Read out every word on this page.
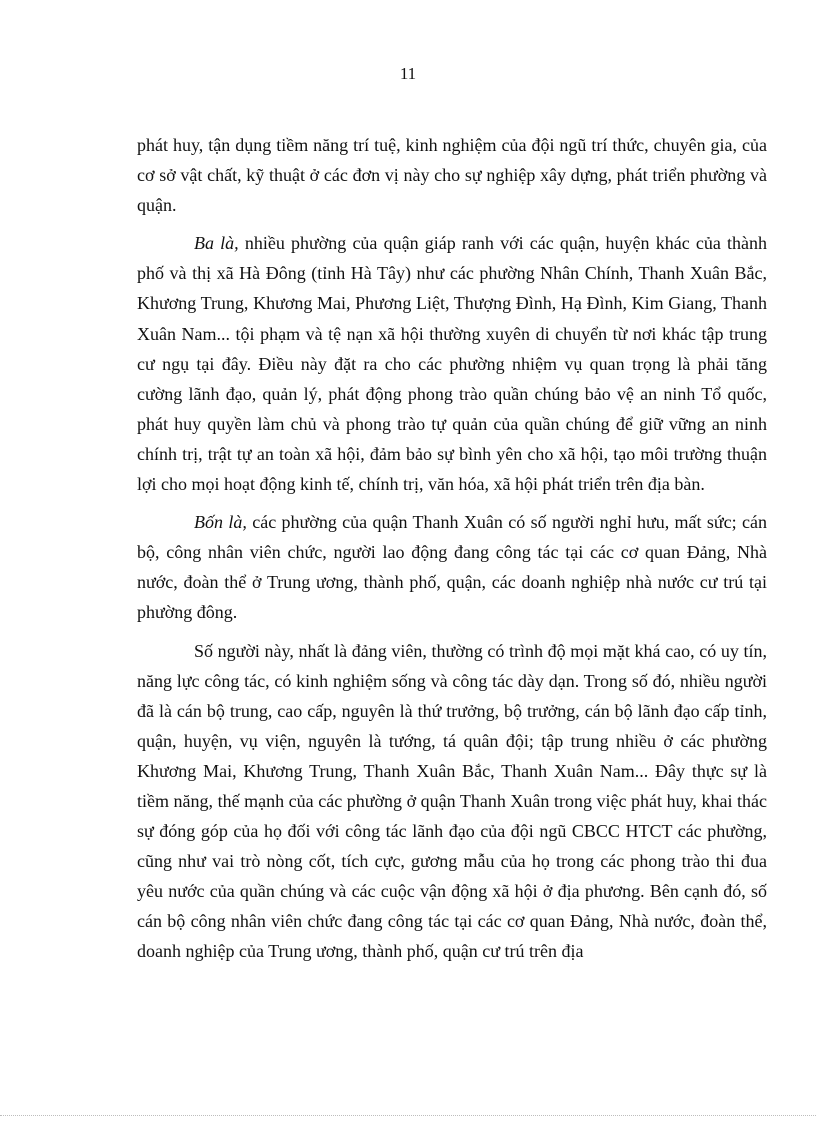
11

phát huy, tận dụng tiềm năng trí tuệ, kinh nghiệm của đội ngũ trí thức, chuyên gia, của cơ sở vật chất, kỹ thuật ở các đơn vị này cho sự nghiệp xây dựng, phát triển phường và quận.

Ba là, nhiều phường của quận giáp ranh với các quận, huyện khác của thành phố và thị xã Hà Đông (tỉnh Hà Tây) như các phường Nhân Chính, Thanh Xuân Bắc, Khương Trung, Khương Mai, Phương Liệt, Thượng Đình, Hạ Đình, Kim Giang, Thanh Xuân Nam... tội phạm và tệ nạn xã hội thường xuyên di chuyển từ nơi khác tập trung cư ngụ tại đây. Điều này đặt ra cho các phường nhiệm vụ quan trọng là phải tăng cường lãnh đạo, quản lý, phát động phong trào quần chúng bảo vệ an ninh Tổ quốc, phát huy quyền làm chủ và phong trào tự quản của quần chúng để giữ vững an ninh chính trị, trật tự an toàn xã hội, đảm bảo sự bình yên cho xã hội, tạo môi trường thuận lợi cho mọi hoạt động kinh tế, chính trị, văn hóa, xã hội phát triển trên địa bàn.

Bốn là, các phường của quận Thanh Xuân có số người nghỉ hưu, mất sức; cán bộ, công nhân viên chức, người lao động đang công tác tại các cơ quan Đảng, Nhà nước, đoàn thể ở Trung ương, thành phố, quận, các doanh nghiệp nhà nước cư trú tại phường đông.

Số người này, nhất là đảng viên, thường có trình độ mọi mặt khá cao, có uy tín, năng lực công tác, có kinh nghiệm sống và công tác dày dạn. Trong số đó, nhiều người đã là cán bộ trung, cao cấp, nguyên là thứ trưởng, bộ trưởng, cán bộ lãnh đạo cấp tỉnh, quận, huyện, vụ viện, nguyên là tướng, tá quân đội; tập trung nhiều ở các phường Khương Mai, Khương Trung, Thanh Xuân Bắc, Thanh Xuân Nam... Đây thực sự là tiềm năng, thế mạnh của các phường ở quận Thanh Xuân trong việc phát huy, khai thác sự đóng góp của họ đối với công tác lãnh đạo của đội ngũ CBCC HTCT các phường, cũng như vai trò nòng cốt, tích cực, gương mẫu của họ trong các phong trào thi đua yêu nước của quần chúng và các cuộc vận động xã hội ở địa phương. Bên cạnh đó, số cán bộ công nhân viên chức đang công tác tại các cơ quan Đảng, Nhà nước, đoàn thể, doanh nghiệp của Trung ương, thành phố, quận cư trú trên địa
